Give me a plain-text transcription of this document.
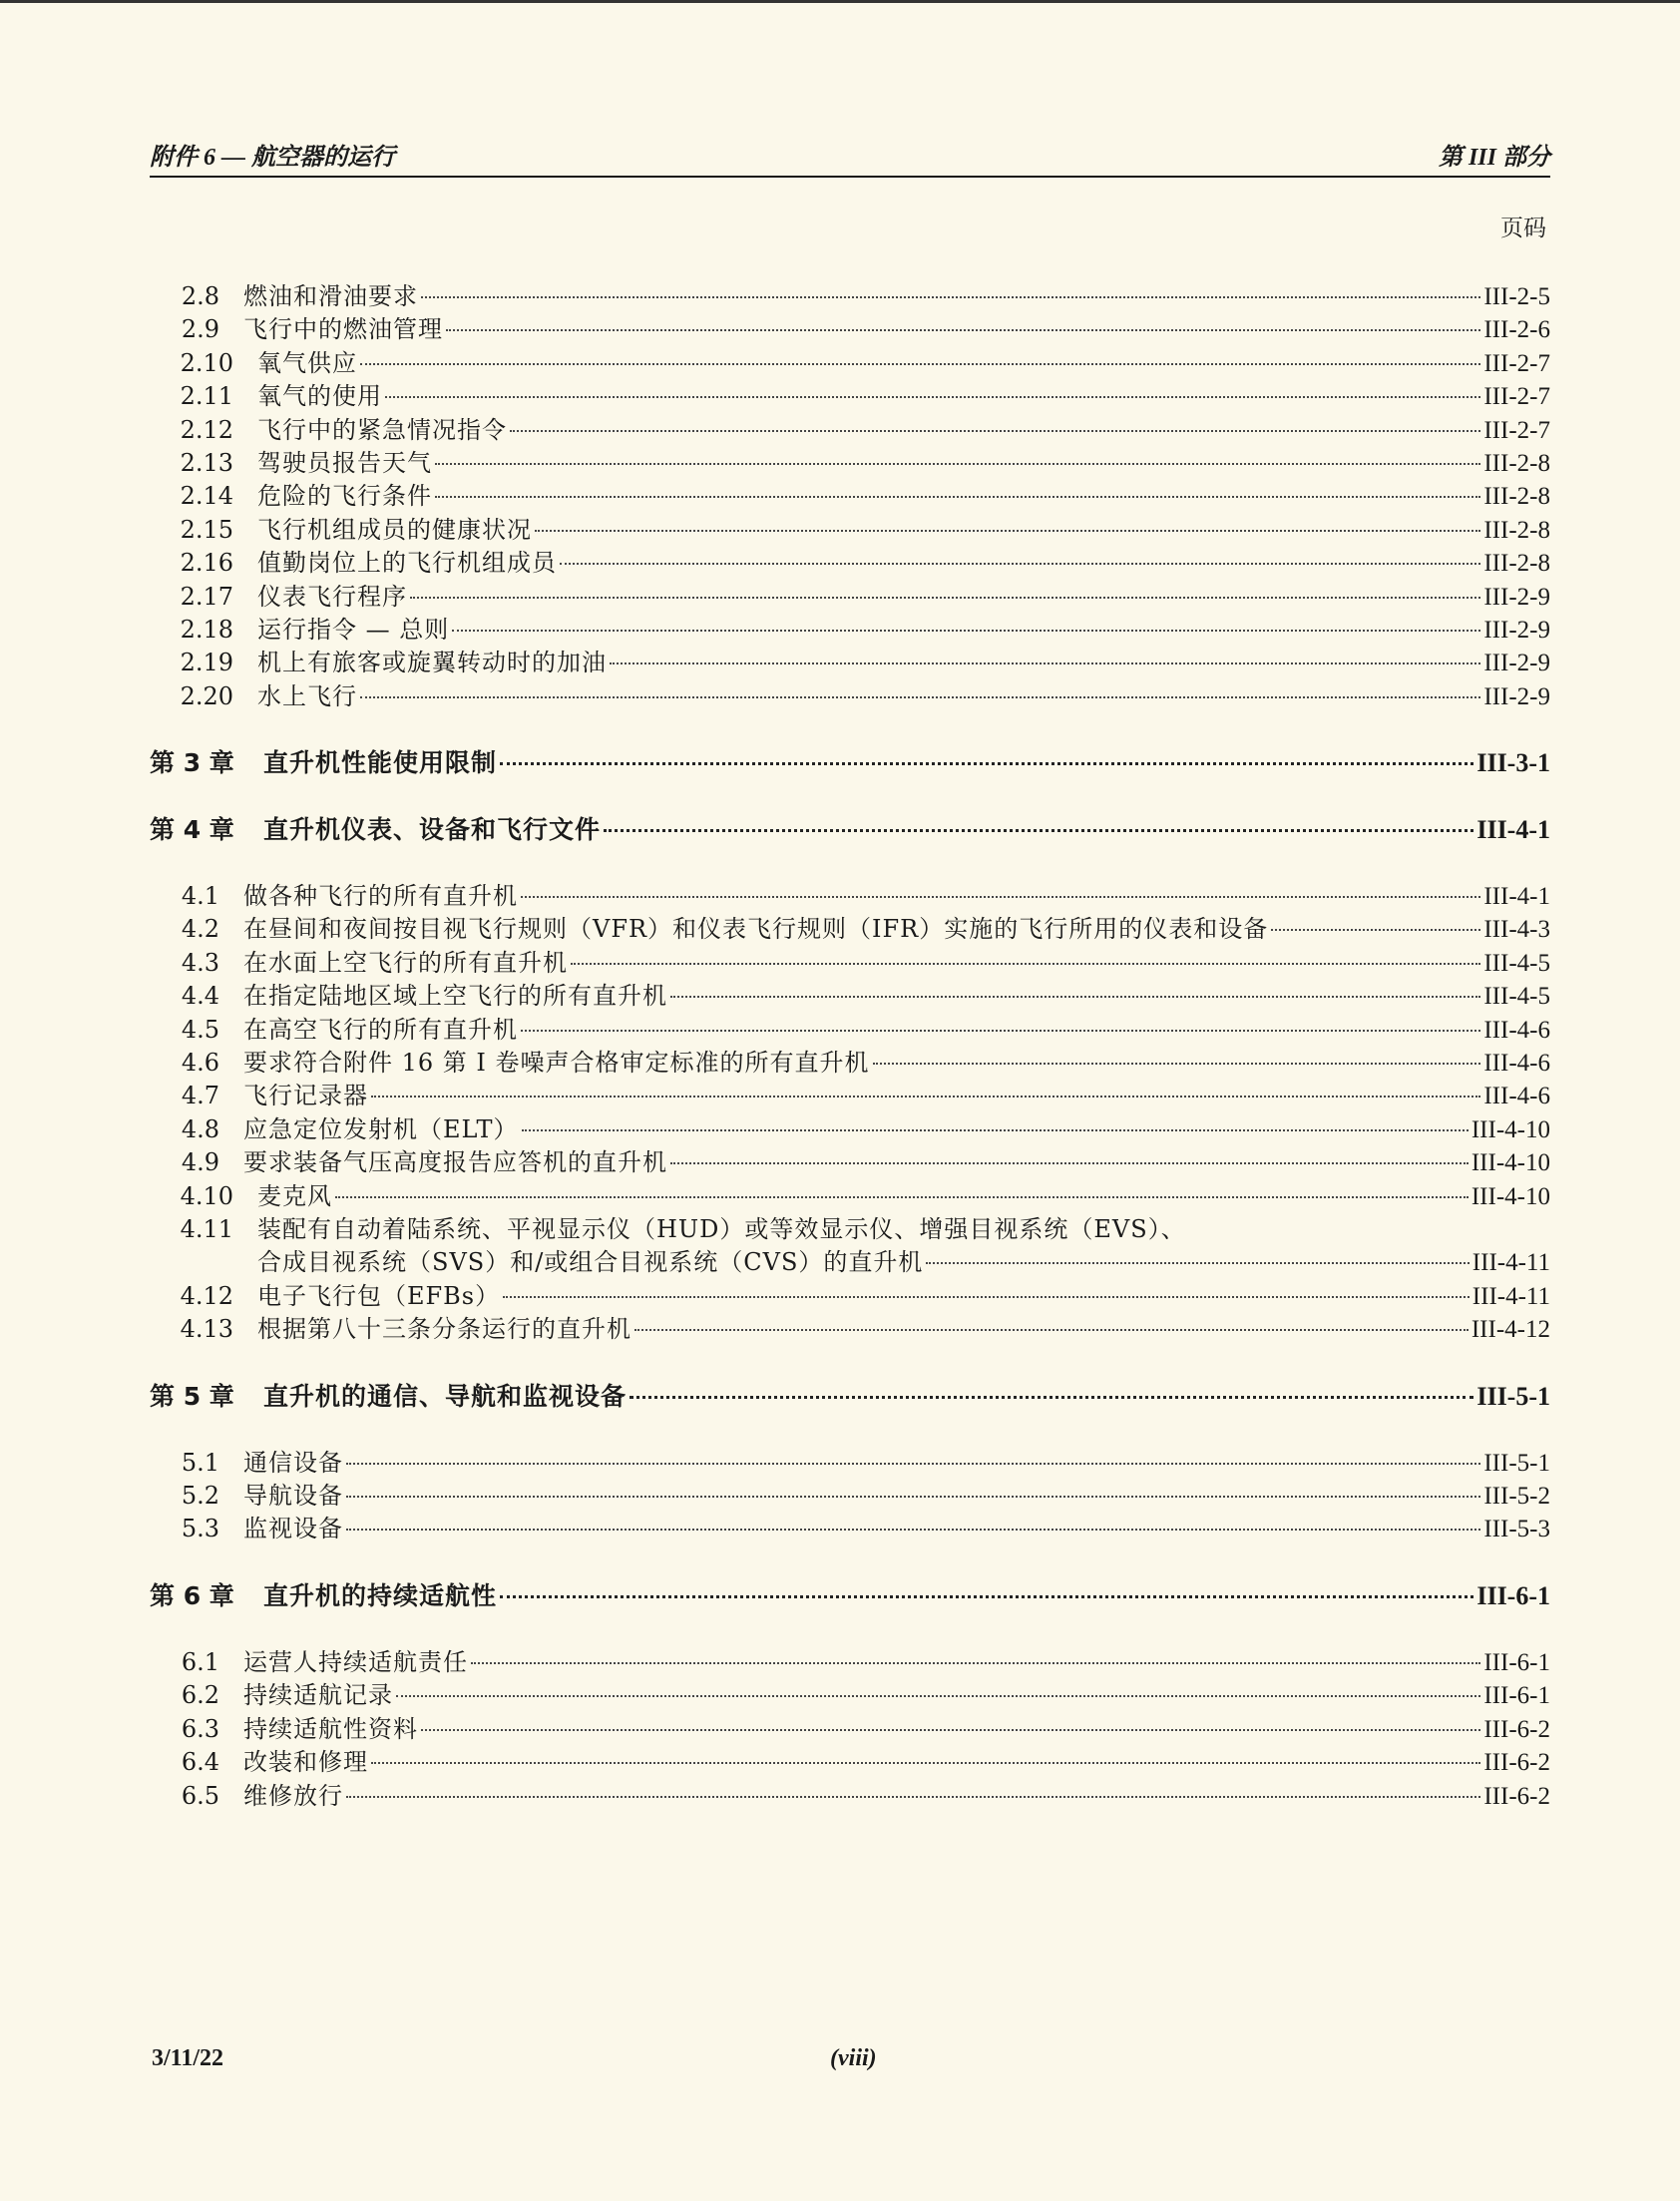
附件 6 — 航空器的运行	第 III 部分
页码
2.8 燃油和滑油要求	III-2-5
2.9 飞行中的燃油管理	III-2-6
2.10 氧气供应	III-2-7
2.11 氧气的使用	III-2-7
2.12 飞行中的紧急情况指令	III-2-7
2.13 驾驶员报告天气	III-2-8
2.14 危险的飞行条件	III-2-8
2.15 飞行机组成员的健康状况	III-2-8
2.16 值勤岗位上的飞行机组成员	III-2-8
2.17 仪表飞行程序	III-2-9
2.18 运行指令 — 总则	III-2-9
2.19 机上有旅客或旋翼转动时的加油	III-2-9
2.20 水上飞行	III-2-9
第 3 章	直升机性能使用限制	III-3-1
第 4 章	直升机仪表、设备和飞行文件	III-4-1
4.1 做各种飞行的所有直升机	III-4-1
4.2 在昼间和夜间按目视飞行规则（VFR）和仪表飞行规则（IFR）实施的飞行所用的仪表和设备	III-4-3
4.3 在水面上空飞行的所有直升机	III-4-5
4.4 在指定陆地区域上空飞行的所有直升机	III-4-5
4.5 在高空飞行的所有直升机	III-4-6
4.6 要求符合附件 16 第 I 卷噪声合格审定标准的所有直升机	III-4-6
4.7 飞行记录器	III-4-6
4.8 应急定位发射机（ELT）	III-4-10
4.9 要求装备气压高度报告应答机的直升机	III-4-10
4.10 麦克风	III-4-10
4.11 装配有自动着陆系统、平视显示仪（HUD）或等效显示仪、增强目视系统（EVS）、
合成目视系统（SVS）和/或组合目视系统（CVS）的直升机	III-4-11
4.12 电子飞行包（EFBs）	III-4-11
4.13 根据第八十三条分条运行的直升机	III-4-12
第 5 章	直升机的通信、导航和监视设备	III-5-1
5.1 通信设备	III-5-1
5.2 导航设备	III-5-2
5.3 监视设备	III-5-3
第 6 章	直升机的持续适航性	III-6-1
6.1 运营人持续适航责任	III-6-1
6.2 持续适航记录	III-6-1
6.3 持续适航性资料	III-6-2
6.4 改装和修理	III-6-2
6.5 维修放行	III-6-2
3/11/22	(viii)
